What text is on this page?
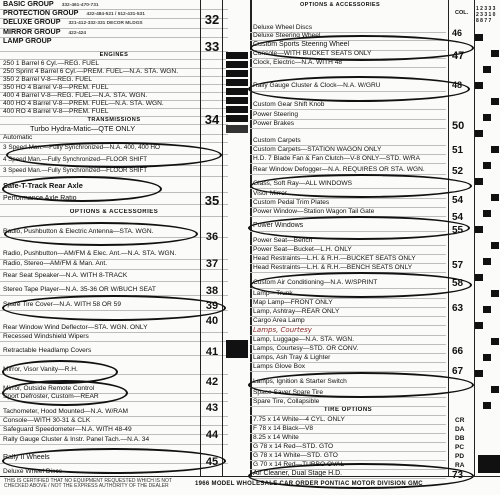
BASIC GROUP 332-461-470-731
PROTECTION GROUP 432-484-521 / 512-431-531
DELUXE GROUP 321-412-332-331 DECOR MLDGS
MIRROR GROUP 422-424
LAMP GROUP
ENGINES
250 1 Barrel 6 Cyl.—REG. FUEL
250 Sprint 4 Barrel 6 Cyl.—PREM. FUEL—N.A. STA. WGN.
350 2 Barrel V-8—REG. FUEL
350 HO 4 Barrel V-8—PREM. FUEL
400 4 Barrel V-8—REG. FUEL—N.A. STA. WGN.
400 HO 4 Barrel V-8—PREM. FUEL—N.A. STA. WGN.
400 RO 4 Barrel V-8—PREM. FUEL
TRANSMISSIONS
Turbo Hydra-Matic—QTE ONLY
Automatic
3 Speed Man.—Fully Synchronized—N.A. 400, 400 HO
4 Speed Man.—Fully Synchronized—FLOOR SHIFT
3 Speed Man.—Fully Synchronized—FLOOR SHIFT
Safe-T-Track Rear Axle
Performance Axle Ratio
OPTIONS & ACCESSORIES
Radio, Pushbutton & Electric Antenna—STA. WGN.
Radio, Pushbutton—AM/FM & Elec. Ant.—N.A. STA. WGN.
Radio, Stereo—AM/FM & Man. Ant.
Rear Seat Speaker—N.A. WITH 8-TRACK
Stereo Tape Player—N.A. 35-36 OR W/BUCH SEAT
Spare Tire Cover—N.A. WITH 58 OR 59
Rear Window Wind Deflector—STA. WGN. ONLY
Recessed Windshield Wipers
Retractable Headlamp Covers
Mirror, Visor Vanity—R.H.
Mirror, Outside Remote Control
Sport Defroster, Custom—REAR
Tachometer, Hood Mounted—N.A. W/RAM
Console—WITH 30-31 & CLK
Safeguard Speedometer—N.A. WITH 48-49
Rally Gauge Cluster & Instr. Panel Tach.—N.A. 34
Rally II Wheels
Deluxe Wheel Discs
32
33
34
35
36
37
38
39
40
41
42
43
44
45
OPTIONS & ACCESSORIES
COL.
1 2 3 3 3 2 3 3 1 0 8 8 7 7
Deluxe Wheel Discs
Deluxe Steering Wheel
Custom Sports Steering Wheel
Console—WITH BUCKET SEATS ONLY
Clock, Electric—N.A. WITH 48
Rally Gauge Cluster & Clock—N.A. W/GRU
Custom Gear Shift Knob
Power Steering
Power Brakes
Custom Carpets
Custom Carpets—STATION WAGON ONLY
H.D. 7 Blade Fan & Fan Clutch—V-8 ONLY—STD. W/RA
Rear Window Defogger—N.A. REQUIRES OR STA. WGN.
Glass, Soft Ray—ALL WINDOWS
Visor Mirror
Custom Pedal Trim Plates
Power Window—Station Wagon Tail Gate
Power Windows
Power Seat—Bench
Power Seat—Bucket—L.H. ONLY
Head Restraints—L.H. & R.H.—BUCKET SEATS ONLY
Head Restraints—L.H. & R.H.—BENCH SEATS ONLY
Custom Air Conditioning—N.A. W/SPRINT
Lamp—Trunk
Map Lamp—FRONT ONLY
Lamp, Ashtray—REAR ONLY
Cargo Area Lamp
Lamps, Courtesy
Lamp, Luggage—N.A. STA. WGN.
Lamps, Courtesy—STD. OR CONV.
Lamps, Ash Tray & Lighter
Lamps Glove Box
Lamps, Ignition & Starter Switch
Space Saver Spare Tire
Spare Tire, Collapsible
TIRE OPTIONS
7.75 x 14 White—4 CYL. ONLY
F 78 x 14 Black—V8
8.25 x 14 White
G 78 x 14 Red—STD. GTO
G 78 x 14 White—STD. GTO
G 70 x 14 Red—TURBO OVAL
Air Cleaner, Dual Stage H.D.
CR
DA
DB
PC
PD
RA
46
47
48
50
51
52
54
54
55
57
58
63
66
67
73
THIS IS CERTIFIED THAT NO EQUIPMENT REQUESTED WHICH IS NOT CHECKED ABOVE / NOT THE EXPRESS AUTHORITY OF THE DEALER	1966 MODEL WHOLESALE CAR ORDER PONTIAC MOTOR DIVISION GMC
